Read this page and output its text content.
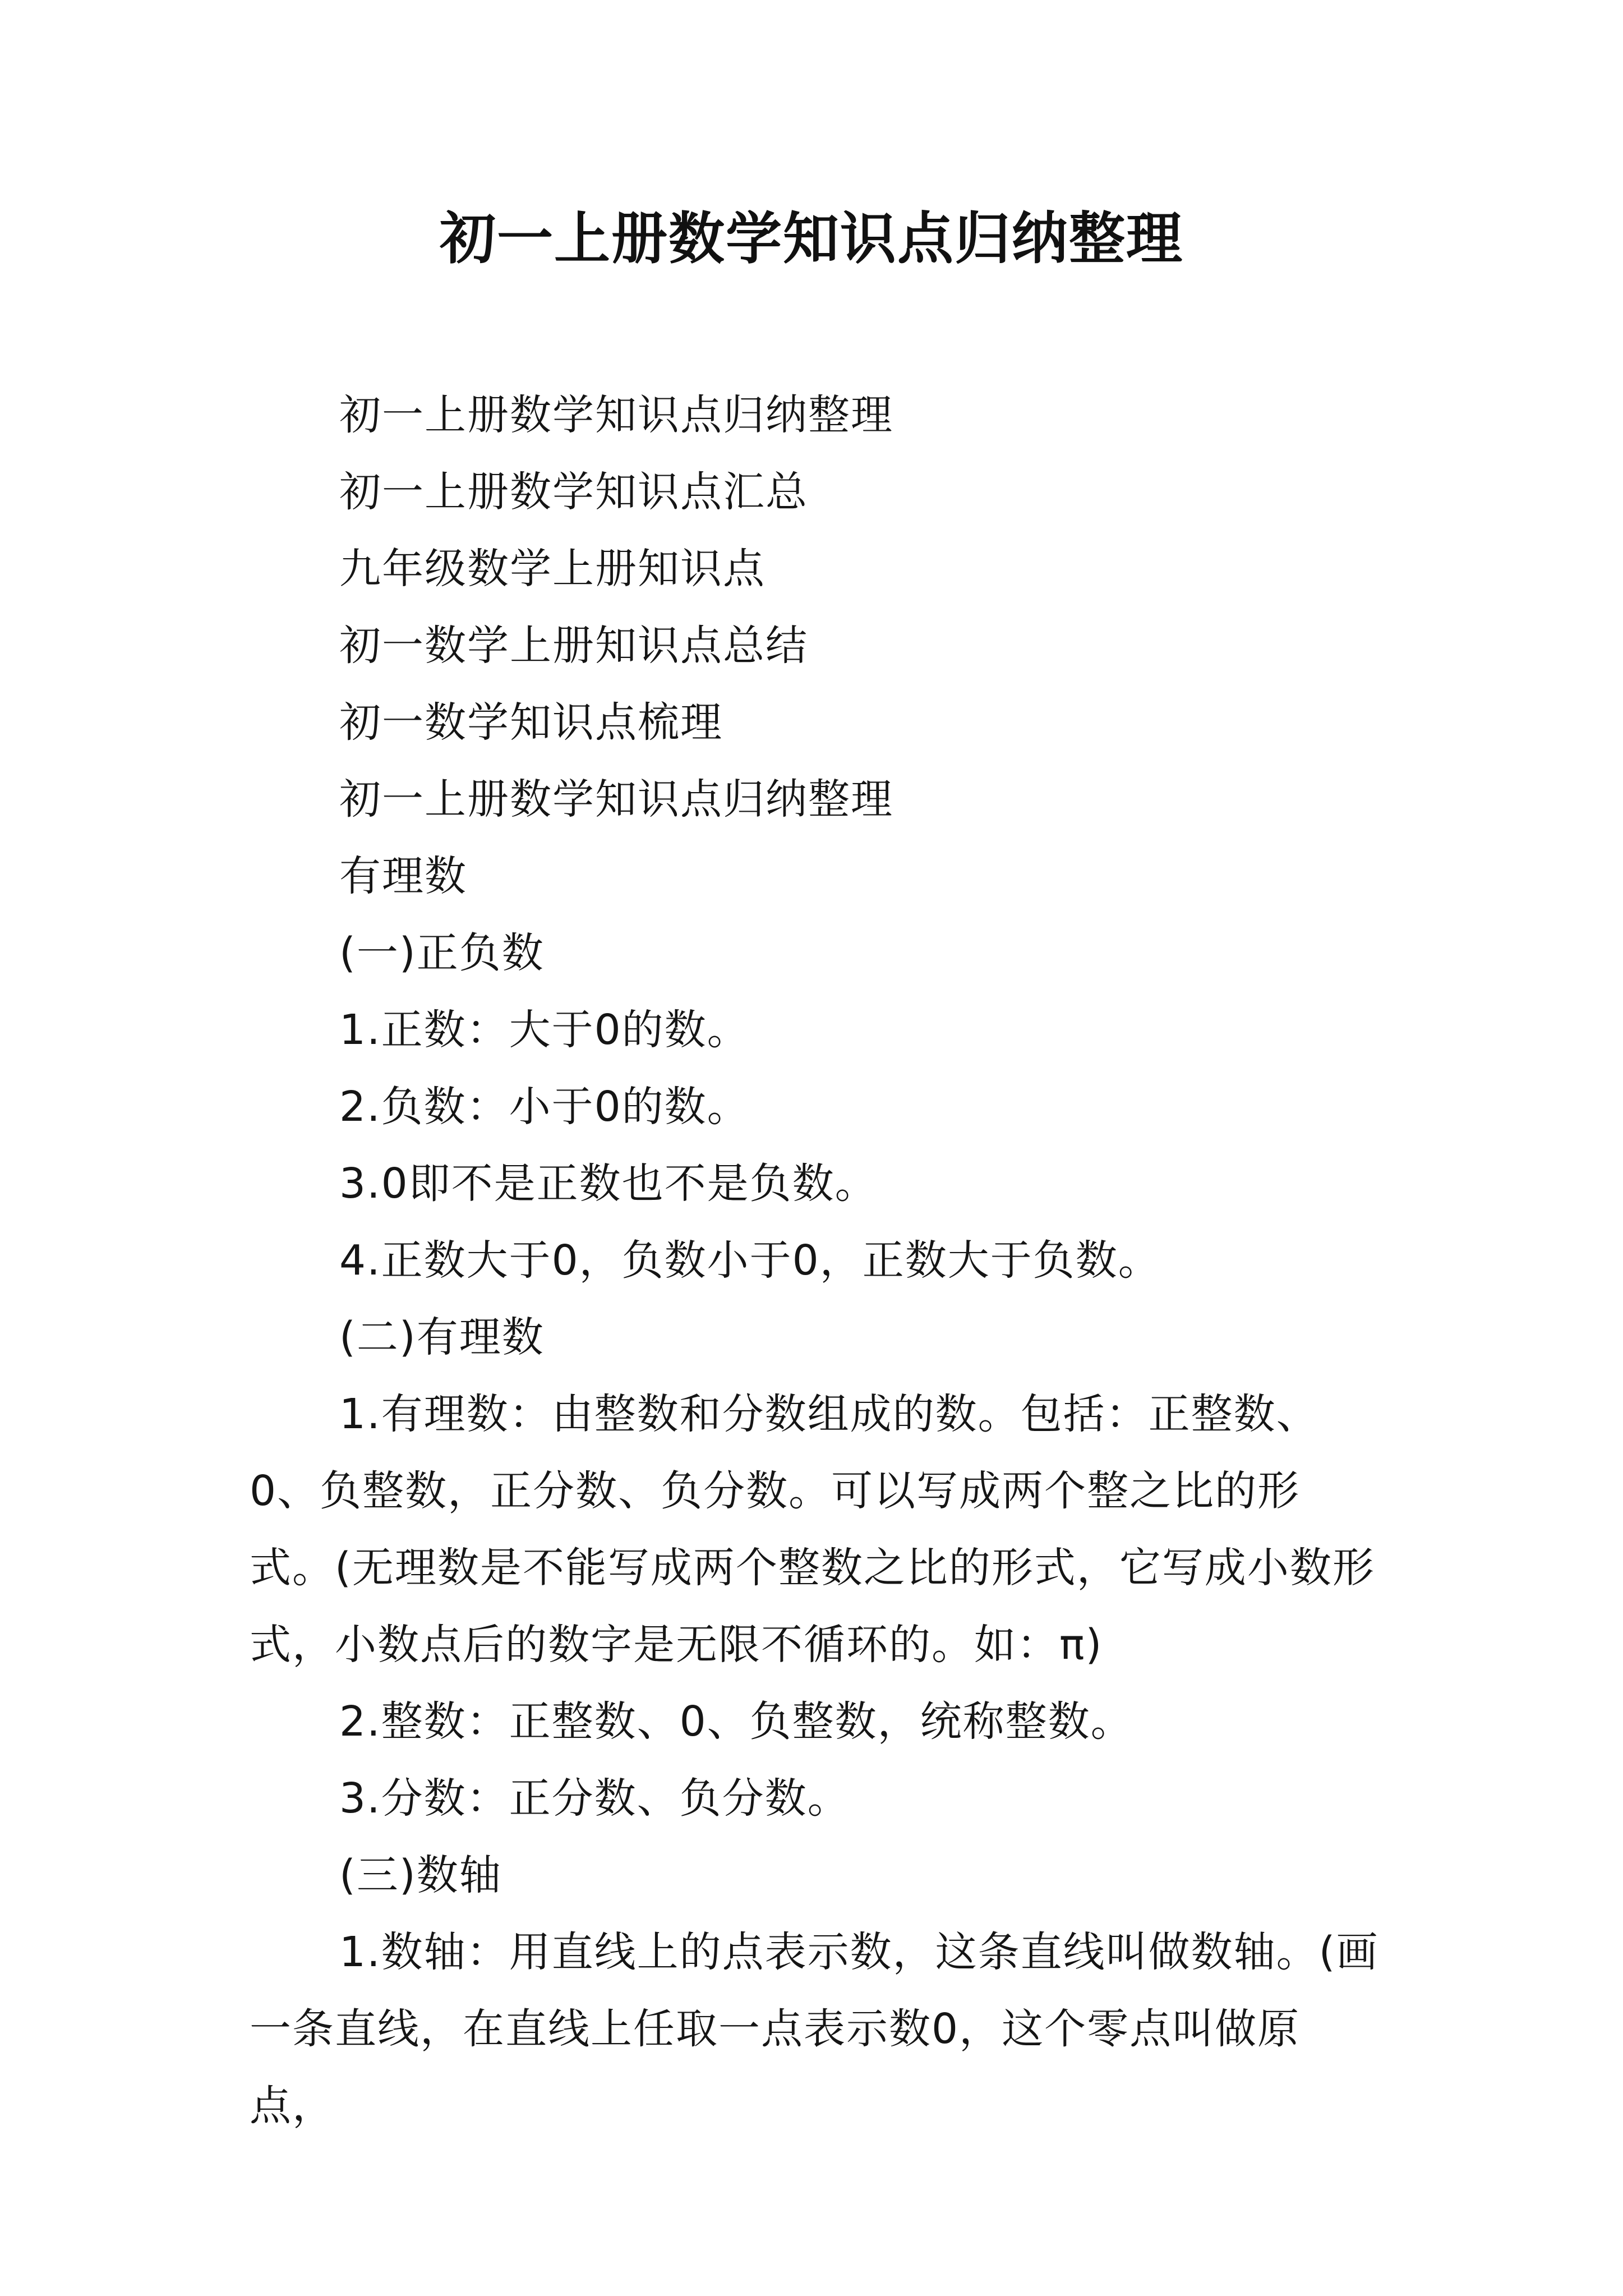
初一上册数学知识点归纳整理

初一上册数学知识点归纳整理

初一上册数学知识点汇总

九年级数学上册知识点

初一数学上册知识点总结

初一数学知识点梳理

初一上册数学知识点归纳整理

有理数

(一)正负数

1.正数：大于0的数。

2.负数：小于0的数。

3.0即不是正数也不是负数。

4.正数大于0，负数小于0，正数大于负数。

(二)有理数

1.有理数：由整数和分数组成的数。包括：正整数、0、负整数，正分数、负分数。可以写成两个整之比的形式。(无理数是不能写成两个整数之比的形式，它写成小数形式，小数点后的数字是无限不循环的。如：π)

2.整数：正整数、0、负整数，统称整数。

3.分数：正分数、负分数。

(三)数轴

1.数轴：用直线上的点表示数，这条直线叫做数轴。(画一条直线，在直线上任取一点表示数0，这个零点叫做原点，
